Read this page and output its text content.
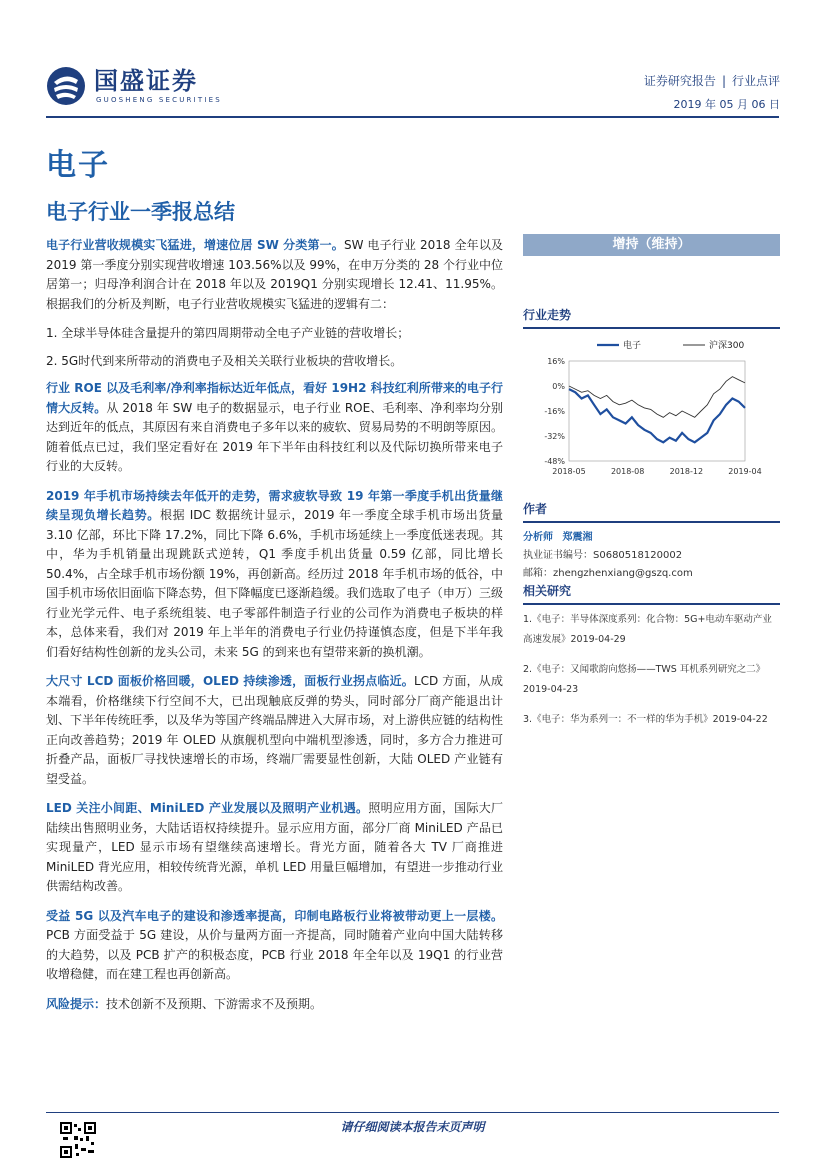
国盛证券
GUOSHENG SECURITIES
证券研究报告 | 行业点评
2019 年 05 月 06 日
电子
电子行业一季报总结
电子行业营收规模实飞猛进，增速位居 SW 分类第一。SW 电子行业 2018 全年以及 2019 第一季度分别实现营收增速 103.56%以及 99%，在申万分类的 28 个行业中位居第一；归母净利润合计在 2018 年以及 2019Q1 分别实现增长 12.41、11.95%。根据我们的分析及判断，电子行业营收规模实飞猛进的逻辑有二：
1. 全球半导体硅含量提升的第四周期带动全电子产业链的营收增长；
2. 5G时代到来所带动的消费电子及相关关联行业板块的营收增长。
行业 ROE 以及毛利率/净利率指标达近年低点，看好 19H2 科技红利所带来的电子行情大反转。从 2018 年 SW 电子的数据显示，电子行业 ROE、毛利率、净利率均分别达到近年的低点，其原因有来自消费电子多年以来的疲软、贸易局势的不明朗等原因。随着低点已过，我们坚定看好在 2019 年下半年由科技红利以及代际切换所带来电子行业的大反转。
2019 年手机市场持续去年低开的走势，需求疲软导致 19 年第一季度手机出货量继续呈现负增长趋势。根据 IDC 数据统计显示，2019 年一季度全球手机市场出货量 3.10 亿部，环比下降 17.2%，同比下降 6.6%，手机市场延续上一季度低迷表现。其中，华为手机销量出现跳跃式逆转，Q1 季度手机出货量 0.59 亿部，同比增长 50.4%，占全球手机市场份额 19%，再创新高。经历过 2018 年手机市场的低谷，中国手机市场依旧面临下降态势，但下降幅度已逐渐趋缓。我们选取了电子（申万）三级行业光学元件、电子系统组装、电子零部件制造子行业的公司作为消费电子板块的样本，总体来看，我们对 2019 年上半年的消费电子行业仍持谨慎态度，但是下半年我们看好结构性创新的龙头公司，未来 5G 的到来也有望带来新的换机潮。
大尺寸 LCD 面板价格回暖，OLED 持续渗透，面板行业拐点临近。LCD 方面，从成本端看，价格继续下行空间不大，已出现触底反弹的势头，同时部分厂商产能退出计划、下半年传统旺季，以及华为等国产终端品牌进入大屏市场，对上游供应链的结构性正向改善趋势；2019 年 OLED 从旗舰机型向中端机型渗透，同时，多方合力推进可折叠产品，面板厂寻找快速增长的市场，终端厂需要显性创新，大陆 OLED 产业链有望受益。
LED 关注小间距、MiniLED 产业发展以及照明产业机遇。照明应用方面，国际大厂陆续出售照明业务，大陆话语权持续提升。显示应用方面，部分厂商 MiniLED 产品已实现量产，LED 显示市场有望继续高速增长。背光方面，随着各大 TV 厂商推进 MiniLED 背光应用，相较传统背光源，单机 LED 用量巨幅增加，有望进一步推动行业供需结构改善。
受益 5G 以及汽车电子的建设和渗透率提高，印制电路板行业将被带动更上一层楼。PCB 方面受益于 5G 建设，从价与量两方面一齐提高，同时随着产业向中国大陆转移的大趋势，以及 PCB 扩产的积极态度，PCB 行业 2018 年全年以及 19Q1 的行业营收增稳健，而在建工程也再创新高。
风险提示：技术创新不及预期、下游需求不及预期。
增持（维持）
行业走势
16%
0%
-16%
-32%
-48%
2018-05	2018-08	2018-12	2019-04
电子	沪深300
作者
分析师 郑震湘
执业证书编号：S0680518120002
邮箱：zhengzhenxiang@gszq.com
相关研究
1.《电子：半导体深度系列：化合物：5G+电动车驱动产业高速发展》2019-04-29
2.《电子：又闻歌韵向悠扬——TWS 耳机系列研究之二》2019-04-23
3.《电子：华为系列一：不一样的华为手机》2019-04-22
请仔细阅读本报告末页声明
